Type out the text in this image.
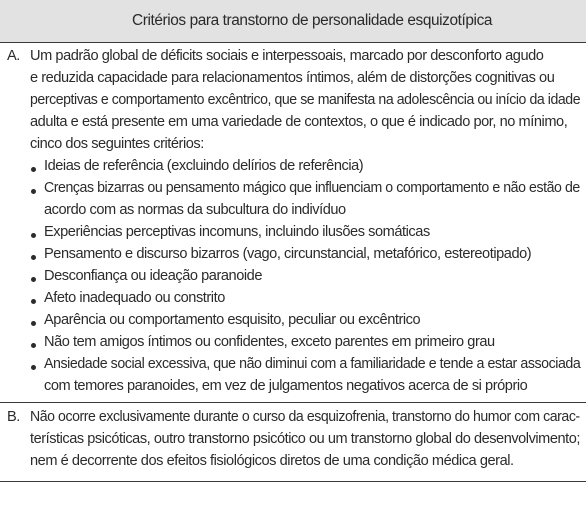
Critérios para transtorno de personalidade esquizotípica
A. Um padrão global de déficits sociais e interpessoais, marcado por desconforto agudo
e reduzida capacidade para relacionamentos íntimos, além de distorções cognitivas ou
perceptivas e comportamento excêntrico, que se manifesta na adolescência ou início da idade
adulta e está presente em uma variedade de contextos, o que é indicado por, no mínimo,
cinco dos seguintes critérios:
Ideias de referência (excluindo delírios de referência)
Crenças bizarras ou pensamento mágico que influenciam o comportamento e não estão de
acordo com as normas da subcultura do indivíduo
Experiências perceptivas incomuns, incluindo ilusões somáticas
Pensamento e discurso bizarros (vago, circunstancial, metafórico, estereotipado)
Desconfiança ou ideação paranoide
Afeto inadequado ou constrito
Aparência ou comportamento esquisito, peculiar ou excêntrico
Não tem amigos íntimos ou confidentes, exceto parentes em primeiro grau
Ansiedade social excessiva, que não diminui com a familiaridade e tende a estar associada
com temores paranoides, em vez de julgamentos negativos acerca de si próprio
B. Não ocorre exclusivamente durante o curso da esquizofrenia, transtorno do humor com carac-
terísticas psicóticas, outro transtorno psicótico ou um transtorno global do desenvolvimento;
nem é decorrente dos efeitos fisiológicos diretos de uma condição médica geral.
